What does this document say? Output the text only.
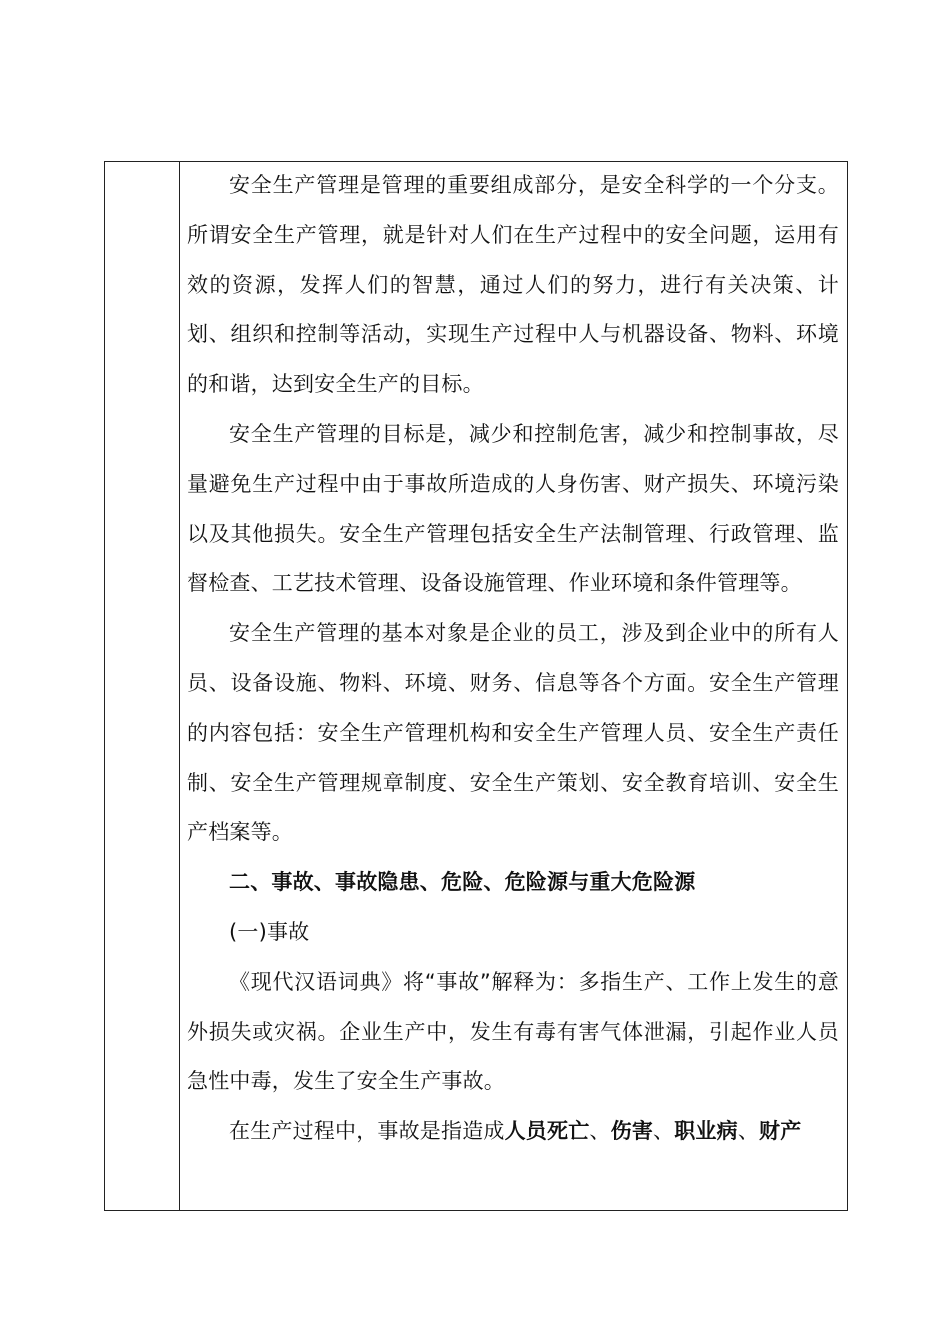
安全生产管理是管理的重要组成部分，是安全科学的一个分支。所谓安全生产管理，就是针对人们在生产过程中的安全问题，运用有效的资源，发挥人们的智慧，通过人们的努力，进行有关决策、计划、组织和控制等活动，实现生产过程中人与机器设备、物料、环境的和谐，达到安全生产的目标。

安全生产管理的目标是，减少和控制危害，减少和控制事故，尽量避免生产过程中由于事故所造成的人身伤害、财产损失、环境污染以及其他损失。安全生产管理包括安全生产法制管理、行政管理、监督检查、工艺技术管理、设备设施管理、作业环境和条件管理等。

安全生产管理的基本对象是企业的员工，涉及到企业中的所有人员、设备设施、物料、环境、财务、信息等各个方面。安全生产管理的内容包括：安全生产管理机构和安全生产管理人员、安全生产责任制、安全生产管理规章制度、安全生产策划、安全教育培训、安全生产档案等。

二、事故、事故隐患、危险、危险源与重大危险源

(一)事故

《现代汉语词典》将“事故”解释为：多指生产、工作上发生的意外损失或灾祸。企业生产中，发生有毒有害气体泄漏，引起作业人员急性中毒，发生了安全生产事故。

在生产过程中，事故是指造成人员死亡、伤害、职业病、财产
